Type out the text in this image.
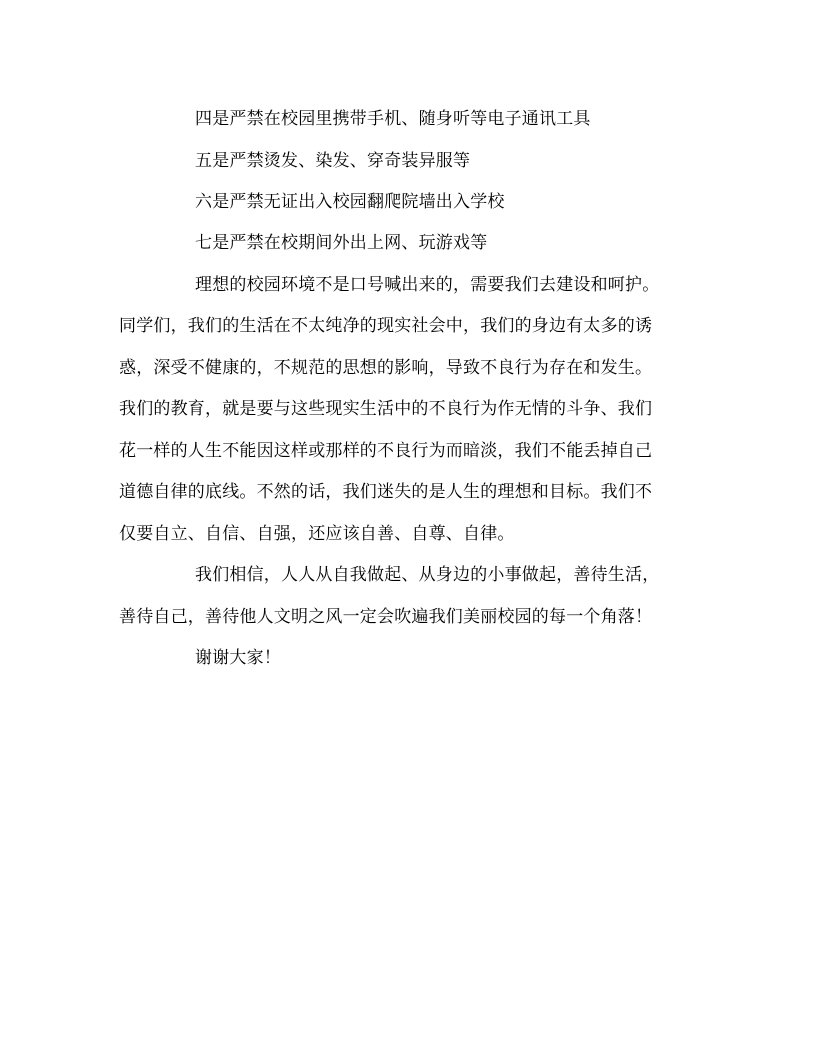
四是严禁在校园里携带手机、随身听等电子通讯工具
五是严禁烫发、染发、穿奇装异服等
六是严禁无证出入校园翻爬院墙出入学校
七是严禁在校期间外出上网、玩游戏等
理想的校园环境不是口号喊出来的，需要我们去建设和呵护。
同学们，我们的生活在不太纯净的现实社会中，我们的身边有太多的诱
惑，深受不健康的，不规范的思想的影响，导致不良行为存在和发生。
我们的教育，就是要与这些现实生活中的不良行为作无情的斗争、我们
花一样的人生不能因这样或那样的不良行为而暗淡，我们不能丢掉自己
道德自律的底线。不然的话，我们迷失的是人生的理想和目标。我们不
仅要自立、自信、自强，还应该自善、自尊、自律。
我们相信，人人从自我做起、从身边的小事做起，善待生活，
善待自己，善待他人文明之风一定会吹遍我们美丽校园的每一个角落！
谢谢大家！
